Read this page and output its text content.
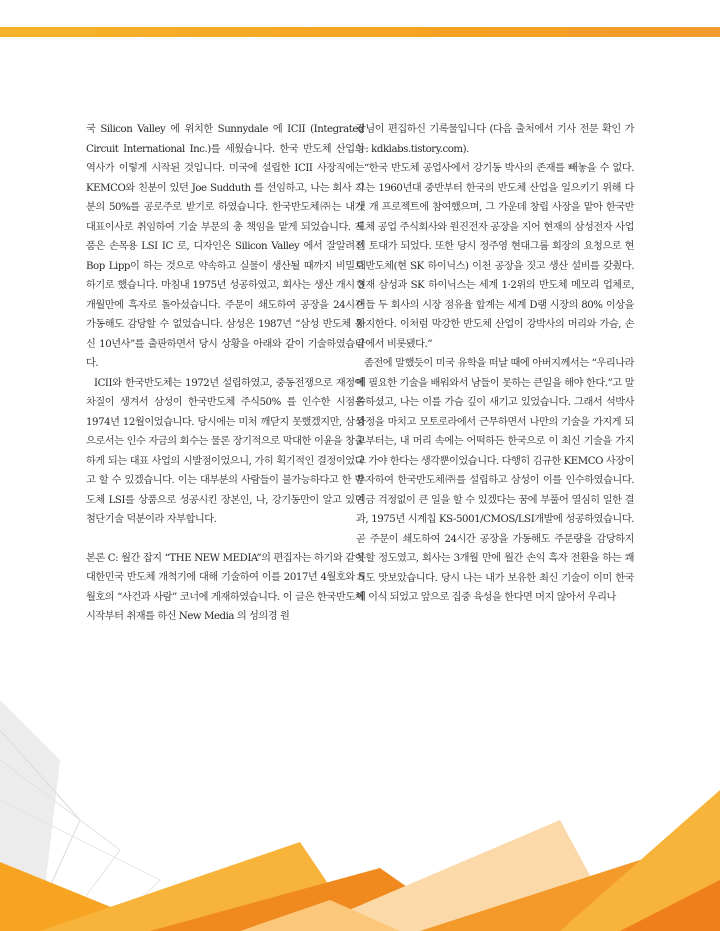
국 Silicon Valley 에 위치한 Sunnydale 에 ICII (Integrated Circuit International Inc.)를 세웠습니다. 한국 반도체 산업의 역사가 이렇게 시작된 것입니다. 미국에 설립한 ICII 사장직에는 KEMCO와 친분이 있던 Joe Sudduth 를 선임하고, 나는 회사 지분의 50%를 공로주로 받기로 하였습니다. 한국반도체㈜는 내가 대표이사로 취임하여 기술 부문의 총 책임을 맡게 되었습니다. 제품은 손목용 LSI IC 로, 디자인은 Silicon Valley 에서 잘알려진 Bop Lipp이 하는 것으로 약속하고 실물이 생산될 때까지 비밀로 하기로 했습니다. 마침내 1975년 성공하였고, 회사는 생산 개시 3개월만에 흑자로 돌아섰습니다. 주문이 쇄도하여 공장을 24시간 가동해도 감당할 수 없었습니다. 삼성은 1987년 “삼성 반도체 통신 10년사”를 출판하면서 당시 상황을 아래와 같이 기술하였습니다.

ICII와 한국반도체는 1972년 설립하였고, 중동전쟁으로 재정에 차질이 생겨서 삼성이 한국반도체 주식50% 를 인수한 시점은 1974년 12월이었습니다. 당시에는 미처 깨닫지 못했겠지만, 삼성으로서는 인수 자금의 회수는 물론 장기적으로 막대한 이윤을 창출하게 되는 대표 사업의 시발점이었으니, 가히 획기적인 결정이었다고 할 수 있겠습니다. 이는 대부분의 사람들이 불가능하다고 한 반도체 LSI를 상품으로 성공시킨 장본인, 나, 강기동만이 알고 있던 첨단기술 덕분이라 자부합니다.

본론 C: 월간 잡지 “THE NEW MEDIA”의 편집자는 하기와 같이 대한민국 반도체 개척기에 대해 기술하여 이를 2017년 4월호와 5월호의 “사건과 사람” 코너에 게재하였습니다. 이 글은 한국반도체 시작부터 취재를 하신 New Media 의 성의경 원

장님이 편집하신 기록물입니다 (다음 출처에서 기사 전문 확인 가능: kdklabs.tistory.com).

“한국 반도체 공업사에서 강기동 박사의 존재를 빼놓을 수 없다. 그는 1960년대 중반부터 한국의 반도체 산업을 일으키기 위해 다섯 개 프로젝트에 참여했으며, 그 가운데 창립 사장을 맡아 한국반도체 공업 주식회사와 원진전자 공장을 지어 현재의 삼성전자 사업의 토대가 되었다. 또한 당시 정주영 현대그룹 회장의 요청으로 현대반도체(현 SK 하이닉스) 이천 공장을 짓고 생산 설비를 갖췄다. 현재 삼성과 SK 하이닉스는 세계 1·2위의 반도체 메모리 업체로, 이들 두 회사의 시장 점유율 합계는 세계 D램 시장의 80% 이상을 차지한다. 이처럼 막강한 반도체 산업이 강박사의 머리와 가슴, 손끝에서 비롯됐다.”

좀전에 말했듯이 미국 유학을 떠날 때에 아버지께서는 “우리나라에 필요한 기술을 배워와서 남들이 못하는 큰일을 해야 한다.”고 말씀하셨고, 나는 이를 가슴 깊이 새기고 있었습니다. 그래서 석박사 과정을 마치고 모토로라에서 근무하면서 나만의 기술을 가지게 되고부터는, 내 머리 속에는 어떡하든 한국으로 이 최신 기술을 가지고 가야 한다는 생각뿐이었습니다. 다행히 김규한 KEMCO 사장이 투자하여 한국반도체㈜를 설립하고 삼성이 이를 인수하였습니다. 지금 걱정없이 큰 일을 할 수 있겠다는 꿈에 부풀어 열심히 일한 결과, 1975년 시계칩 KS-5001/CMOS/LSI개발에 성공하였습니다. 곧 주문이 쇄도하여 24시간 공장을 가동해도 주문량을 감당하지 못할 정도였고, 회사는 3개월 만에 월간 손익 흑자 전환을 하는 쾌거도 맛보았습니다. 당시 나는 내가 보유한 최신 기술이 이미 한국에 이식 되었고 앞으로 집중 육성을 한다면 머지 않아서 우리나
